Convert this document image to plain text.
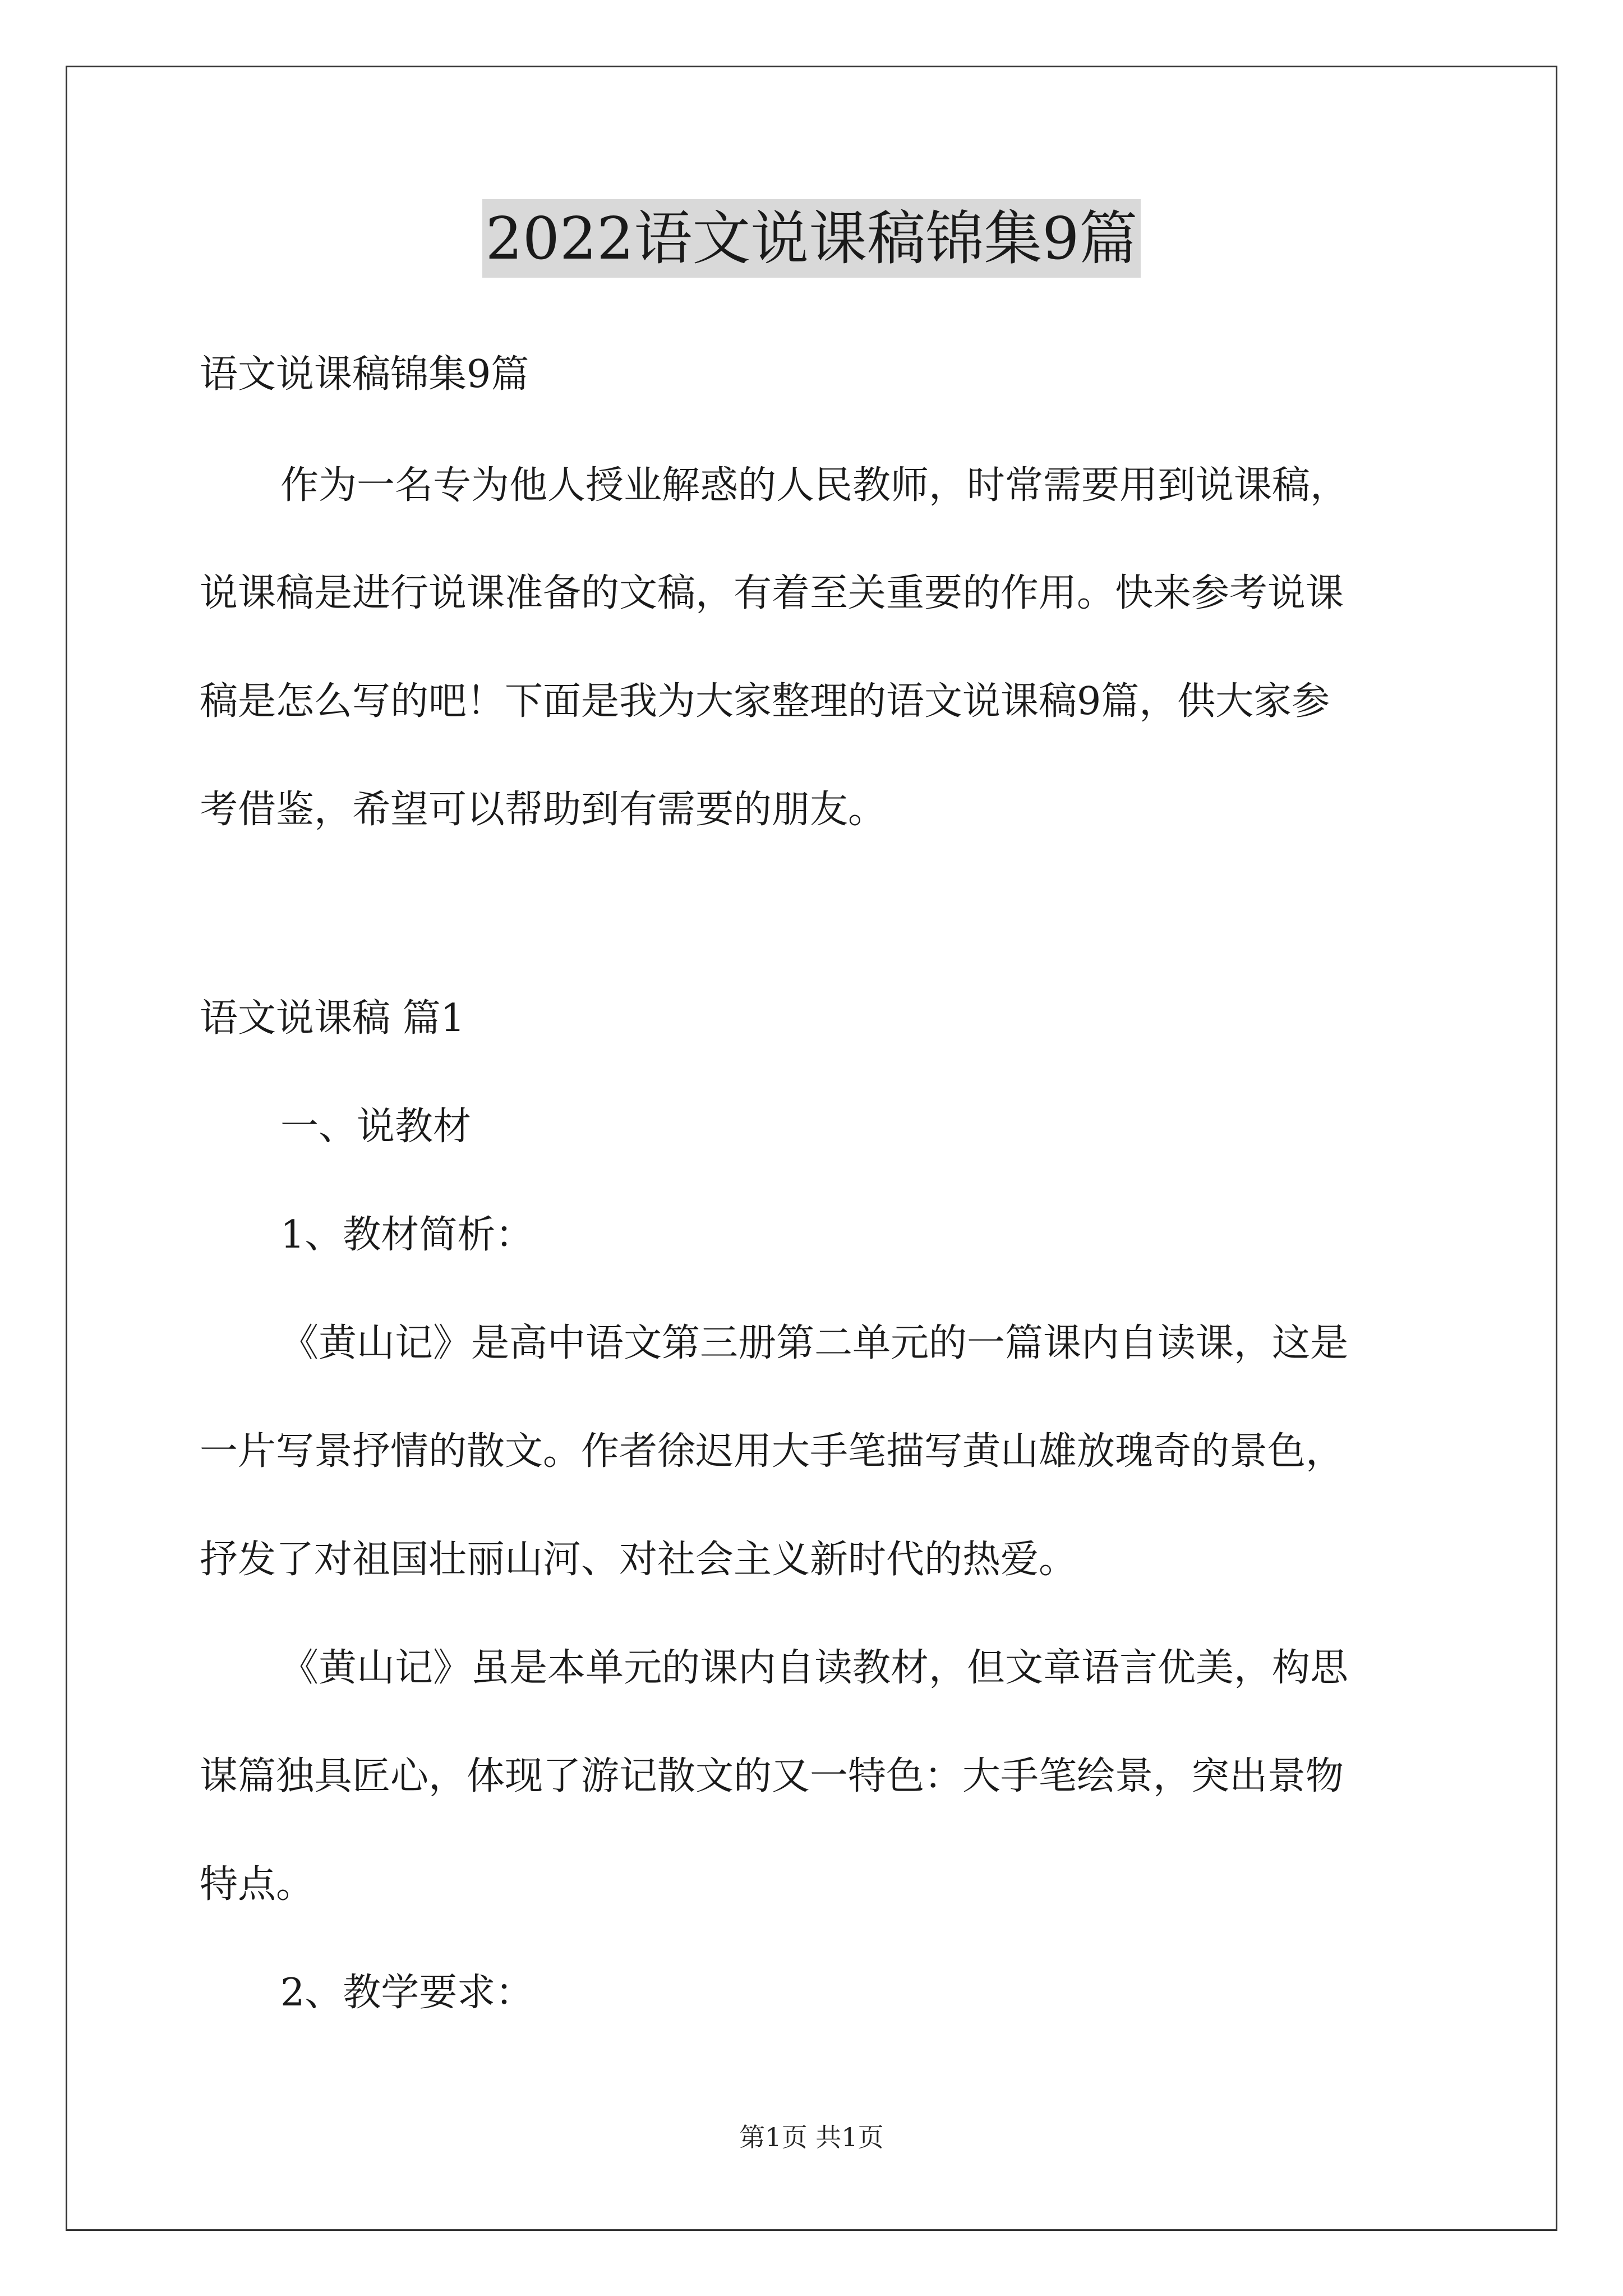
2022语文说课稿锦集9篇
语文说课稿锦集9篇
作为一名专为他人授业解惑的人民教师，时常需要用到说课稿，
说课稿是进行说课准备的文稿，有着至关重要的作用。快来参考说课
稿是怎么写的吧！下面是我为大家整理的语文说课稿9篇，供大家参
考借鉴，希望可以帮助到有需要的朋友。
语文说课稿 篇1
一、说教材
1、教材简析：
《黄山记》是高中语文第三册第二单元的一篇课内自读课，这是
一片写景抒情的散文。作者徐迟用大手笔描写黄山雄放瑰奇的景色，
抒发了对祖国壮丽山河、对社会主义新时代的热爱。
《黄山记》虽是本单元的课内自读教材，但文章语言优美，构思
谋篇独具匠心，体现了游记散文的又一特色：大手笔绘景，突出景物
特点。
2、教学要求：
第1页 共1页
